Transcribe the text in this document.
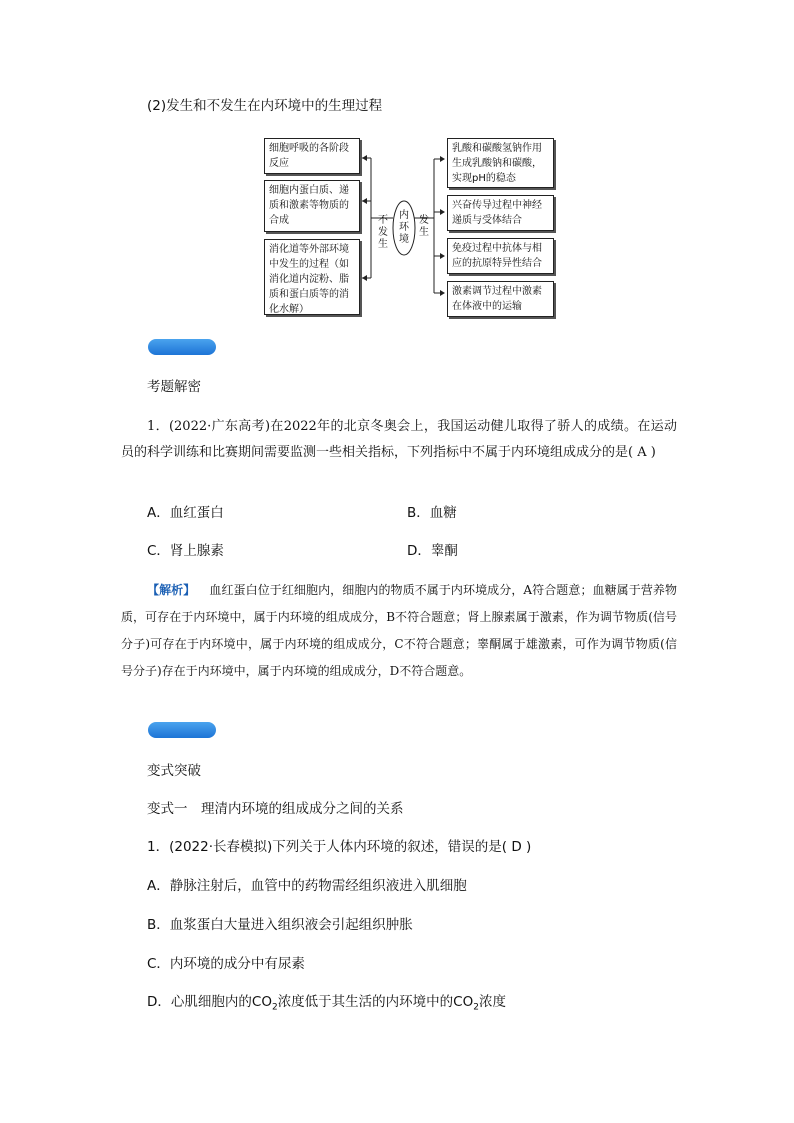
(2)发生和不发生在内环境中的生理过程
细胞呼吸的各阶段反应
细胞内蛋白质、递质和激素等物质的合成
消化道等外部环境中发生的过程（如消化道内淀粉、脂质和蛋白质等的消化水解）
内环境
不发生
发生
乳酸和碳酸氢钠作用生成乳酸钠和碳酸，实现pH的稳态
兴奋传导过程中神经递质与受体结合
免疫过程中抗体与相应的抗原特异性结合
激素调节过程中激素在体液中的运输
考题解密
1．(2022·广东高考)在2022年的北京冬奥会上，我国运动健儿取得了骄人的成绩。在运动员的科学训练和比赛期间需要监测一些相关指标，下列指标中不属于内环境组成成分的是( A )
A．血红蛋白	B．血糖
C．肾上腺素	D．睾酮
【解析】 血红蛋白位于红细胞内，细胞内的物质不属于内环境成分，A符合题意；血糖属于营养物质，可存在于内环境中，属于内环境的组成成分，B不符合题意；肾上腺素属于激素，作为调节物质(信号分子)可存在于内环境中，属于内环境的组成成分，C不符合题意；睾酮属于雄激素，可作为调节物质(信号分子)存在于内环境中，属于内环境的组成成分，D不符合题意。
变式突破
变式一　理清内环境的组成成分之间的关系
1．(2022·长春模拟)下列关于人体内环境的叙述，错误的是( D )
A．静脉注射后，血管中的药物需经组织液进入肌细胞
B．血浆蛋白大量进入组织液会引起组织肿胀
C．内环境的成分中有尿素
D．心肌细胞内的$CO_2$浓度低于其生活的内环境中的$CO_2$浓度
